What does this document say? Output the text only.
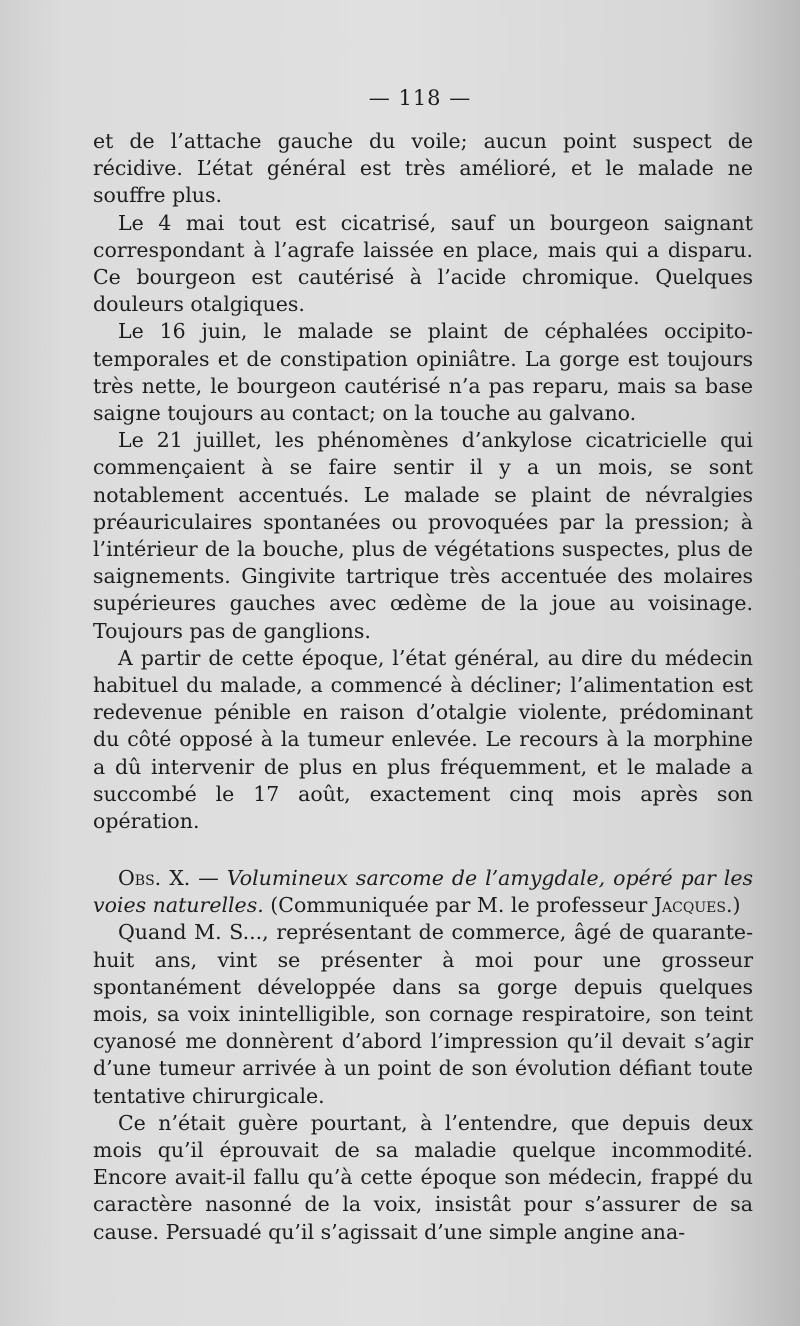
— 118 —

et de l’attache gauche du voile; aucun point suspect de récidive. L’état général est très amélioré, et le malade ne souffre plus.

Le 4 mai tout est cicatrisé, sauf un bourgeon saignant correspondant à l’agrafe laissée en place, mais qui a disparu. Ce bourgeon est cautérisé à l’acide chromique. Quelques douleurs otalgiques.

Le 16 juin, le malade se plaint de céphalées occipito-temporales et de constipation opiniâtre. La gorge est toujours très nette, le bourgeon cautérisé n’a pas reparu, mais sa base saigne toujours au contact; on la touche au galvano.

Le 21 juillet, les phénomènes d’ankylose cicatricielle qui commençaient à se faire sentir il y a un mois, se sont notablement accentués. Le malade se plaint de névralgies préauriculaires spontanées ou provoquées par la pression; à l’intérieur de la bouche, plus de végétations suspectes, plus de saignements. Gingivite tartrique très accentuée des molaires supérieures gauches avec œdème de la joue au voisinage. Toujours pas de ganglions.

A partir de cette époque, l’état général, au dire du médecin habituel du malade, a commencé à décliner; l’alimentation est redevenue pénible en raison d’otalgie violente, prédominant du côté opposé à la tumeur enlevée. Le recours à la morphine a dû intervenir de plus en plus fréquemment, et le malade a succombé le 17 août, exactement cinq mois après son opération.

Obs. X. — Volumineux sarcome de l’amygdale, opéré par les voies naturelles. (Communiquée par M. le professeur Jacques.)

Quand M. S..., représentant de commerce, âgé de quarante-huit ans, vint se présenter à moi pour une grosseur spontanément développée dans sa gorge depuis quelques mois, sa voix inintelligible, son cornage respiratoire, son teint cyanosé me donnèrent d’abord l’impression qu’il devait s’agir d’une tumeur arrivée à un point de son évolution défiant toute tentative chirurgicale.

Ce n’était guère pourtant, à l’entendre, que depuis deux mois qu’il éprouvait de sa maladie quelque incommodité. Encore avait-il fallu qu’à cette époque son médecin, frappé du caractère nasonné de la voix, insistât pour s’assurer de sa cause. Persuadé qu’il s’agissait d’une simple angine ana-
